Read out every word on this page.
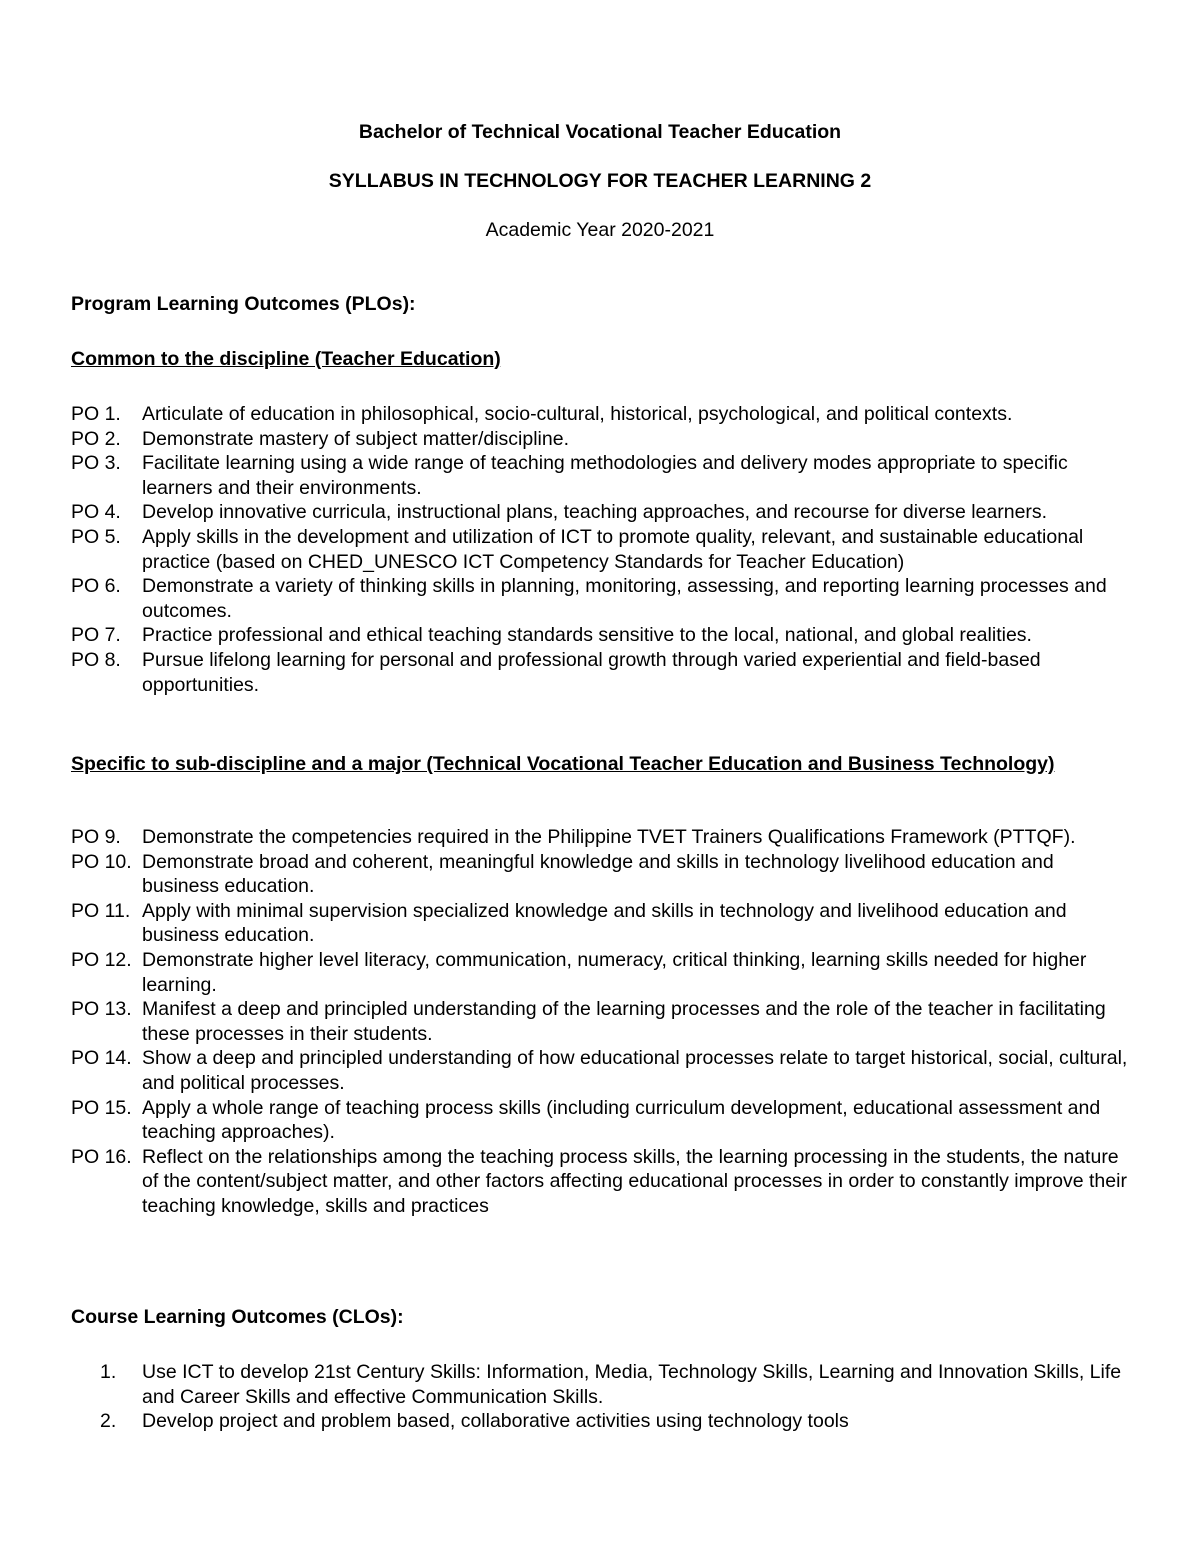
Bachelor of Technical Vocational Teacher Education
SYLLABUS IN TECHNOLOGY FOR TEACHER LEARNING 2
Academic Year 2020-2021
Program Learning Outcomes (PLOs):
Common to the discipline (Teacher Education)
PO 1.	Articulate of education in philosophical, socio-cultural, historical, psychological, and political contexts.
PO 2.	Demonstrate mastery of subject matter/discipline.
PO 3.	Facilitate learning using a wide range of teaching methodologies and delivery modes appropriate to specific learners and their environments.
PO 4.	Develop innovative curricula, instructional plans, teaching approaches, and recourse for diverse learners.
PO 5.	Apply skills in the development and utilization of ICT to promote quality, relevant, and sustainable educational practice (based on CHED_UNESCO ICT Competency Standards for Teacher Education)
PO 6.	Demonstrate a variety of thinking skills in planning, monitoring, assessing, and reporting learning processes and outcomes.
PO 7.	Practice professional and ethical teaching standards sensitive to the local, national, and global realities.
PO 8.	Pursue lifelong learning for personal and professional growth through varied experiential and field-based opportunities.
Specific to sub-discipline and a major (Technical Vocational Teacher Education and Business Technology)
PO 9.	Demonstrate the competencies required in the Philippine TVET Trainers Qualifications Framework (PTTQF).
PO 10. Demonstrate broad and coherent, meaningful knowledge and skills in technology livelihood education and business education.
PO 11. Apply with minimal supervision specialized knowledge and skills in technology and livelihood education and business education.
PO 12. Demonstrate higher level literacy, communication, numeracy, critical thinking, learning skills needed for higher learning.
PO 13. Manifest a deep and principled understanding of the learning processes and the role of the teacher in facilitating these processes in their students.
PO 14. Show a deep and principled understanding of how educational processes relate to target historical, social, cultural, and political processes.
PO 15. Apply a whole range of teaching process skills (including curriculum development, educational assessment and teaching approaches).
PO 16. Reflect on the relationships among the teaching process skills, the learning processing in the students, the nature of the content/subject matter, and other factors affecting educational processes in order to constantly improve their teaching knowledge, skills and practices
Course Learning Outcomes (CLOs):
1.	Use ICT to develop 21st Century Skills: Information, Media, Technology Skills, Learning and Innovation Skills, Life and Career Skills and effective Communication Skills.
2.	Develop project and problem based, collaborative activities using technology tools
